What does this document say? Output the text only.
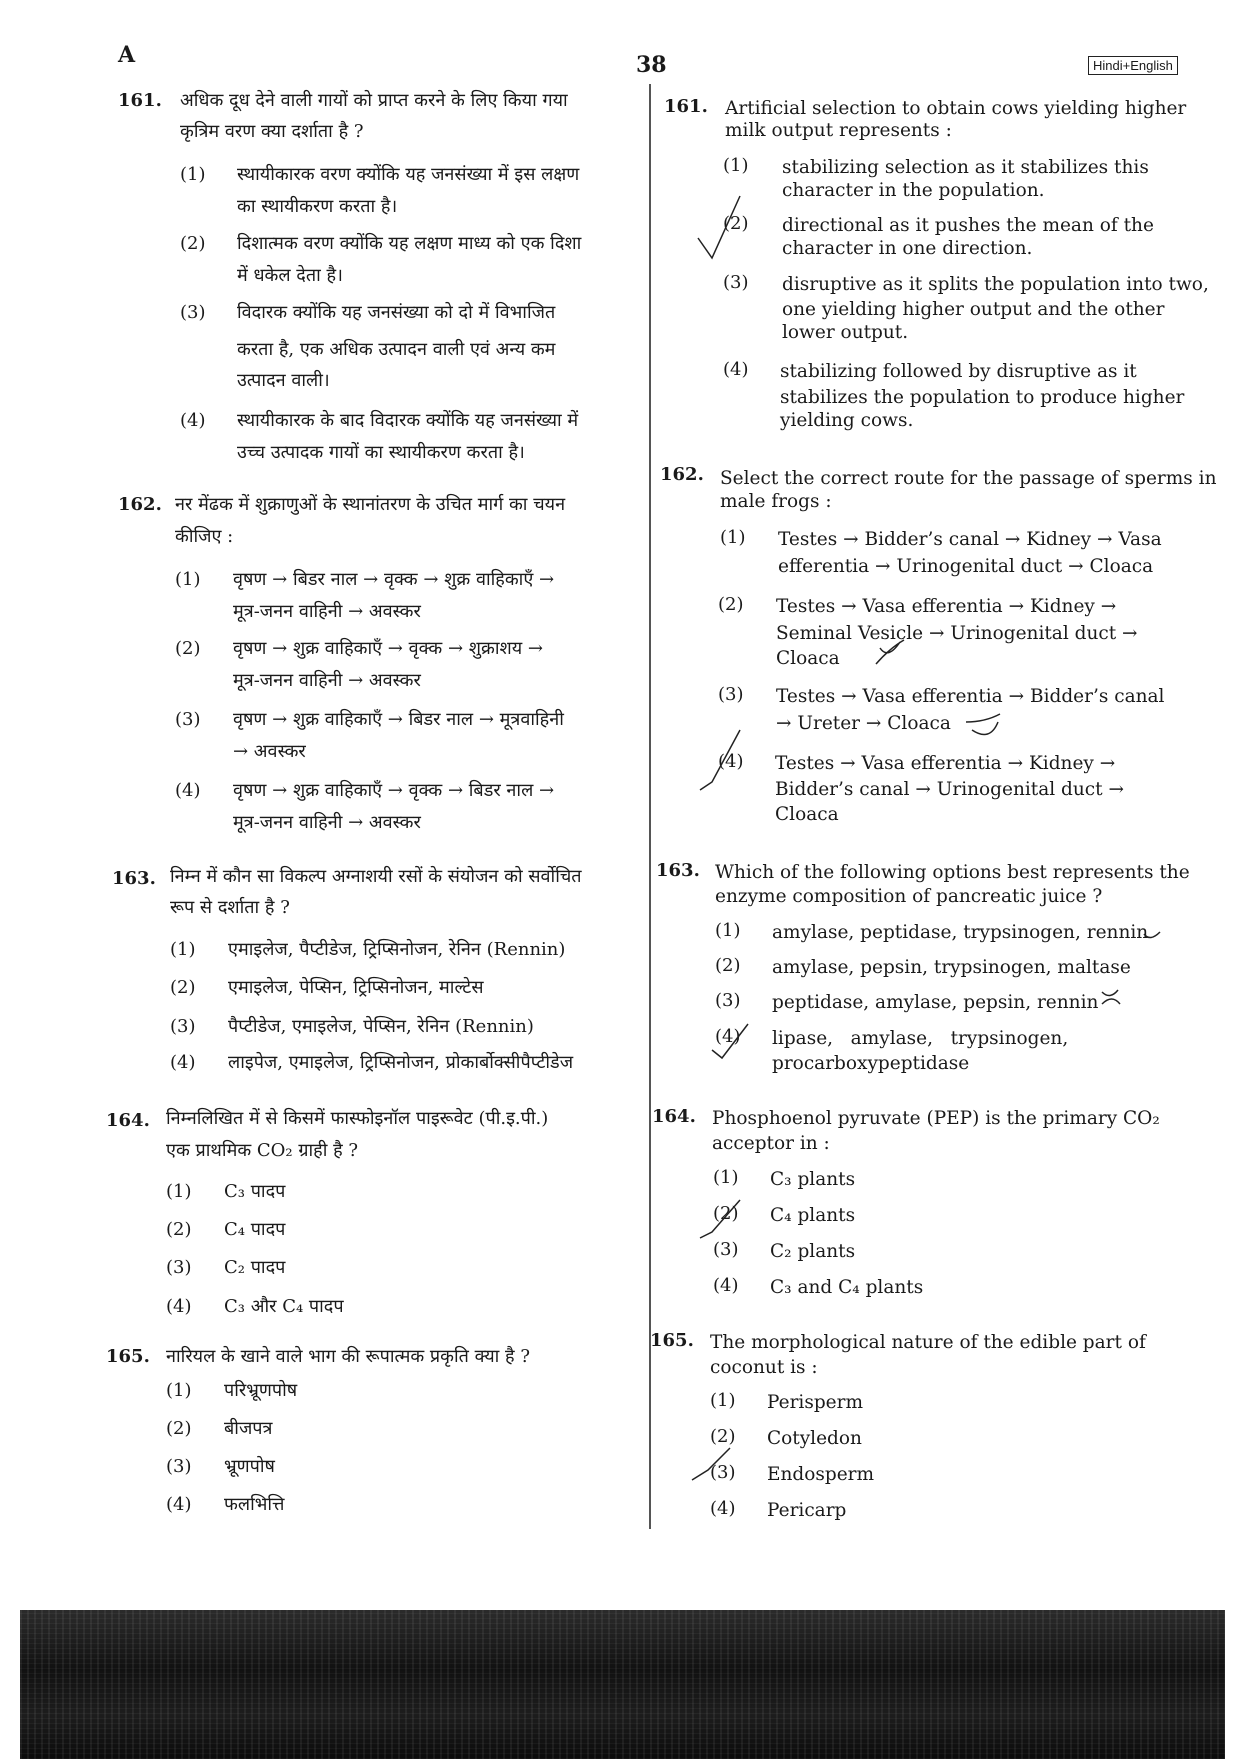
A	38	Hindi+English
161. अधिक दूध देने वाली गायों को प्राप्त करने के लिए किया गया
कृत्रिम वरण क्या दर्शाता है ?
(1) स्थायीकारक वरण क्योंकि यह जनसंख्या में इस लक्षण
का स्थायीकरण करता है।
(2) दिशात्मक वरण क्योंकि यह लक्षण माध्य को एक दिशा
में धकेल देता है।
(3) विदारक क्योंकि यह जनसंख्या को दो में विभाजित
करता है, एक अधिक उत्पादन वाली एवं अन्य कम
उत्पादन वाली।
(4) स्थायीकारक के बाद विदारक क्योंकि यह जनसंख्या में
उच्च उत्पादक गायों का स्थायीकरण करता है।
162. नर मेंढक में शुक्राणुओं के स्थानांतरण के उचित मार्ग का चयन
कीजिए :
(1) वृषण → बिडर नाल → वृक्क → शुक्र वाहिकाएँ →
मूत्र-जनन वाहिनी → अवस्कर
(2) वृषण → शुक्र वाहिकाएँ → वृक्क → शुक्राशय →
मूत्र-जनन वाहिनी → अवस्कर
(3) वृषण → शुक्र वाहिकाएँ → बिडर नाल → मूत्रवाहिनी
→ अवस्कर
(4) वृषण → शुक्र वाहिकाएँ → वृक्क → बिडर नाल →
मूत्र-जनन वाहिनी → अवस्कर
163. निम्न में कौन सा विकल्प अग्नाशयी रसों के संयोजन को सर्वोचित
रूप से दर्शाता है ?
(1) एमाइलेज, पैप्टीडेज, ट्रिप्सिनोजन, रेनिन (Rennin)
(2) एमाइलेज, पेप्सिन, ट्रिप्सिनोजन, माल्टेस
(3) पैप्टीडेज, एमाइलेज, पेप्सिन, रेनिन (Rennin)
(4) लाइपेज, एमाइलेज, ट्रिप्सिनोजन, प्रोकार्बोक्सीपैप्टीडेज
164. निम्नलिखित में से किसमें फास्फोइनॉल पाइरूवेट (पी.इ.पी.)
एक प्राथमिक CO₂ ग्राही है ?
(1) C₃ पादप
(2) C₄ पादप
(3) C₂ पादप
(4) C₃ और C₄ पादप
165. नारियल के खाने वाले भाग की रूपात्मक प्रकृति क्या है ?
(1) परिभ्रूणपोष
(2) बीजपत्र
(3) भ्रूणपोष
(4) फलभित्ति
161. Artificial selection to obtain cows yielding higher
milk output represents :
(1) stabilizing selection as it stabilizes this
character in the population.
(2) directional as it pushes the mean of the
character in one direction.
(3) disruptive as it splits the population into two,
one yielding higher output and the other
lower output.
(4) stabilizing followed by disruptive as it
stabilizes the population to produce higher
yielding cows.
162. Select the correct route for the passage of sperms in
male frogs :
(1) Testes → Bidder’s canal → Kidney → Vasa
efferentia → Urinogenital duct → Cloaca
(2) Testes → Vasa efferentia → Kidney →
Seminal Vesicle → Urinogenital duct →
Cloaca
(3) Testes → Vasa efferentia → Bidder’s canal
→ Ureter → Cloaca
(4) Testes → Vasa efferentia → Kidney →
Bidder’s canal → Urinogenital duct →
Cloaca
163. Which of the following options best represents the
enzyme composition of pancreatic juice ?
(1) amylase, peptidase, trypsinogen, rennin
(2) amylase, pepsin, trypsinogen, maltase
(3) peptidase, amylase, pepsin, rennin
(4) lipase,   amylase,   trypsinogen,
procarboxypeptidase
164. Phosphoenol pyruvate (PEP) is the primary CO₂
acceptor in :
(1) C₃ plants
(2) C₄ plants
(3) C₂ plants
(4) C₃ and C₄ plants
165. The morphological nature of the edible part of
coconut is :
(1) Perisperm
(2) Cotyledon
(3) Endosperm
(4) Pericarp
